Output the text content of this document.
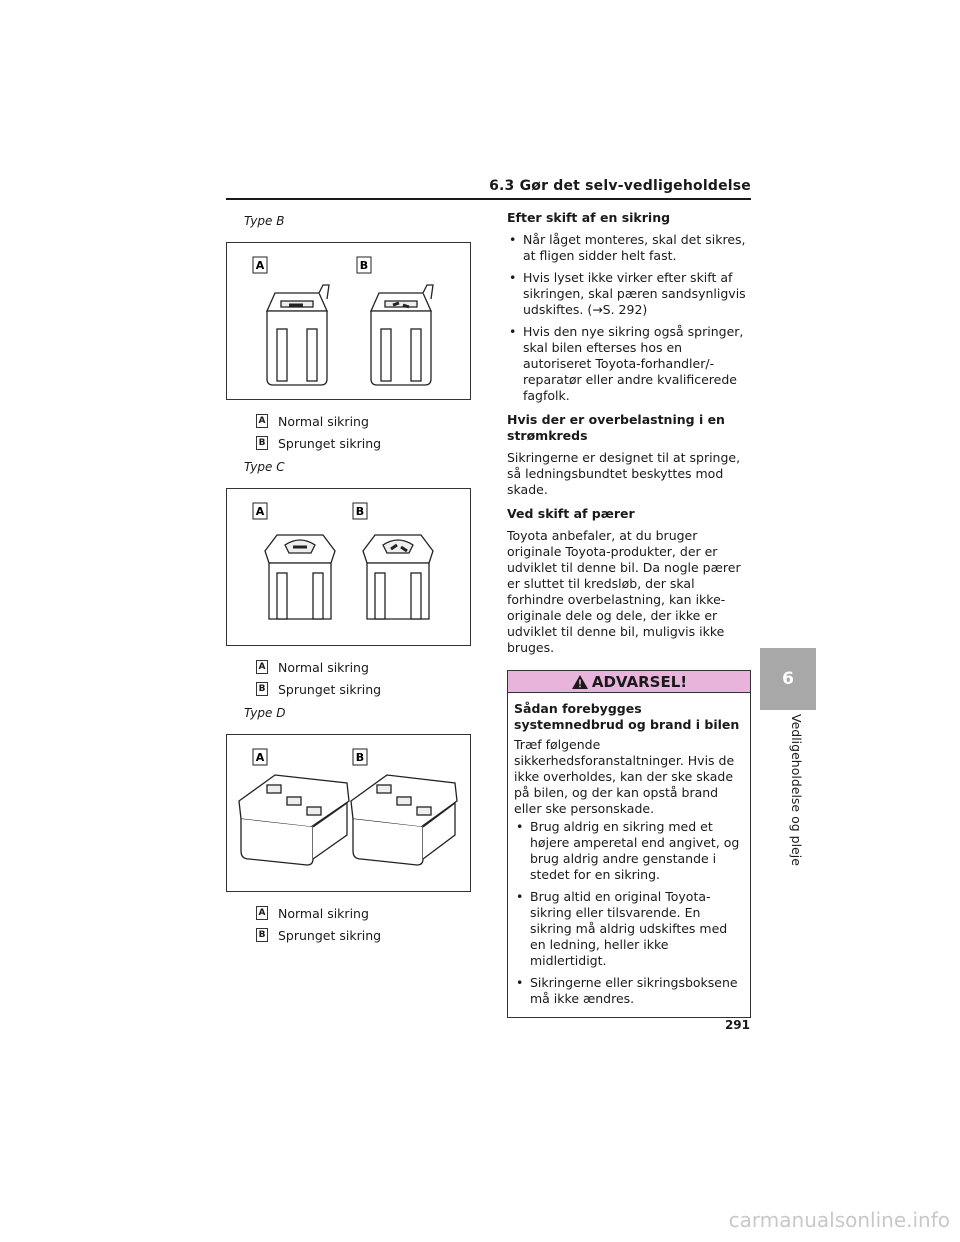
6.3 Gør det selv-vedligeholdelse
Type B
A	B
A Normal sikring
B Sprunget sikring
Type C
A	B
A Normal sikring
B Sprunget sikring
Type D
A	B
A Normal sikring
B Sprunget sikring
Efter skift af en sikring
• Når låget monteres, skal det sikres, at fligen sidder helt fast.
• Hvis lyset ikke virker efter skift af sikringen, skal pæren sandsynligvis udskiftes. (→S. 292)
• Hvis den nye sikring også springer, skal bilen efterses hos en autoriseret Toyota-forhandler/-reparatør eller andre kvalificerede fagfolk.
Hvis der er overbelastning i en strømkreds
Sikringerne er designet til at springe, så ledningsbundtet beskyttes mod skade.
Ved skift af pærer
Toyota anbefaler, at du bruger originale Toyota-produkter, der er udviklet til denne bil. Da nogle pærer er sluttet til kredsløb, der skal forhindre overbelastning, kan ikke-originale dele og dele, der ikke er udviklet til denne bil, muligvis ikke bruges.
ADVARSEL!
Sådan forebygges systemnedbrud og brand i bilen
Træf følgende sikkerhedsforanstaltninger. Hvis de ikke overholdes, kan der ske skade på bilen, og der kan opstå brand eller ske personskade.
• Brug aldrig en sikring med et højere amperetal end angivet, og brug aldrig andre genstande i stedet for en sikring.
• Brug altid en original Toyota-sikring eller tilsvarende. En sikring må aldrig udskiftes med en ledning, heller ikke midlertidigt.
• Sikringerne eller sikringsboksene må ikke ændres.
6
Vedligeholdelse og pleje
291
carmanualsonline.info
